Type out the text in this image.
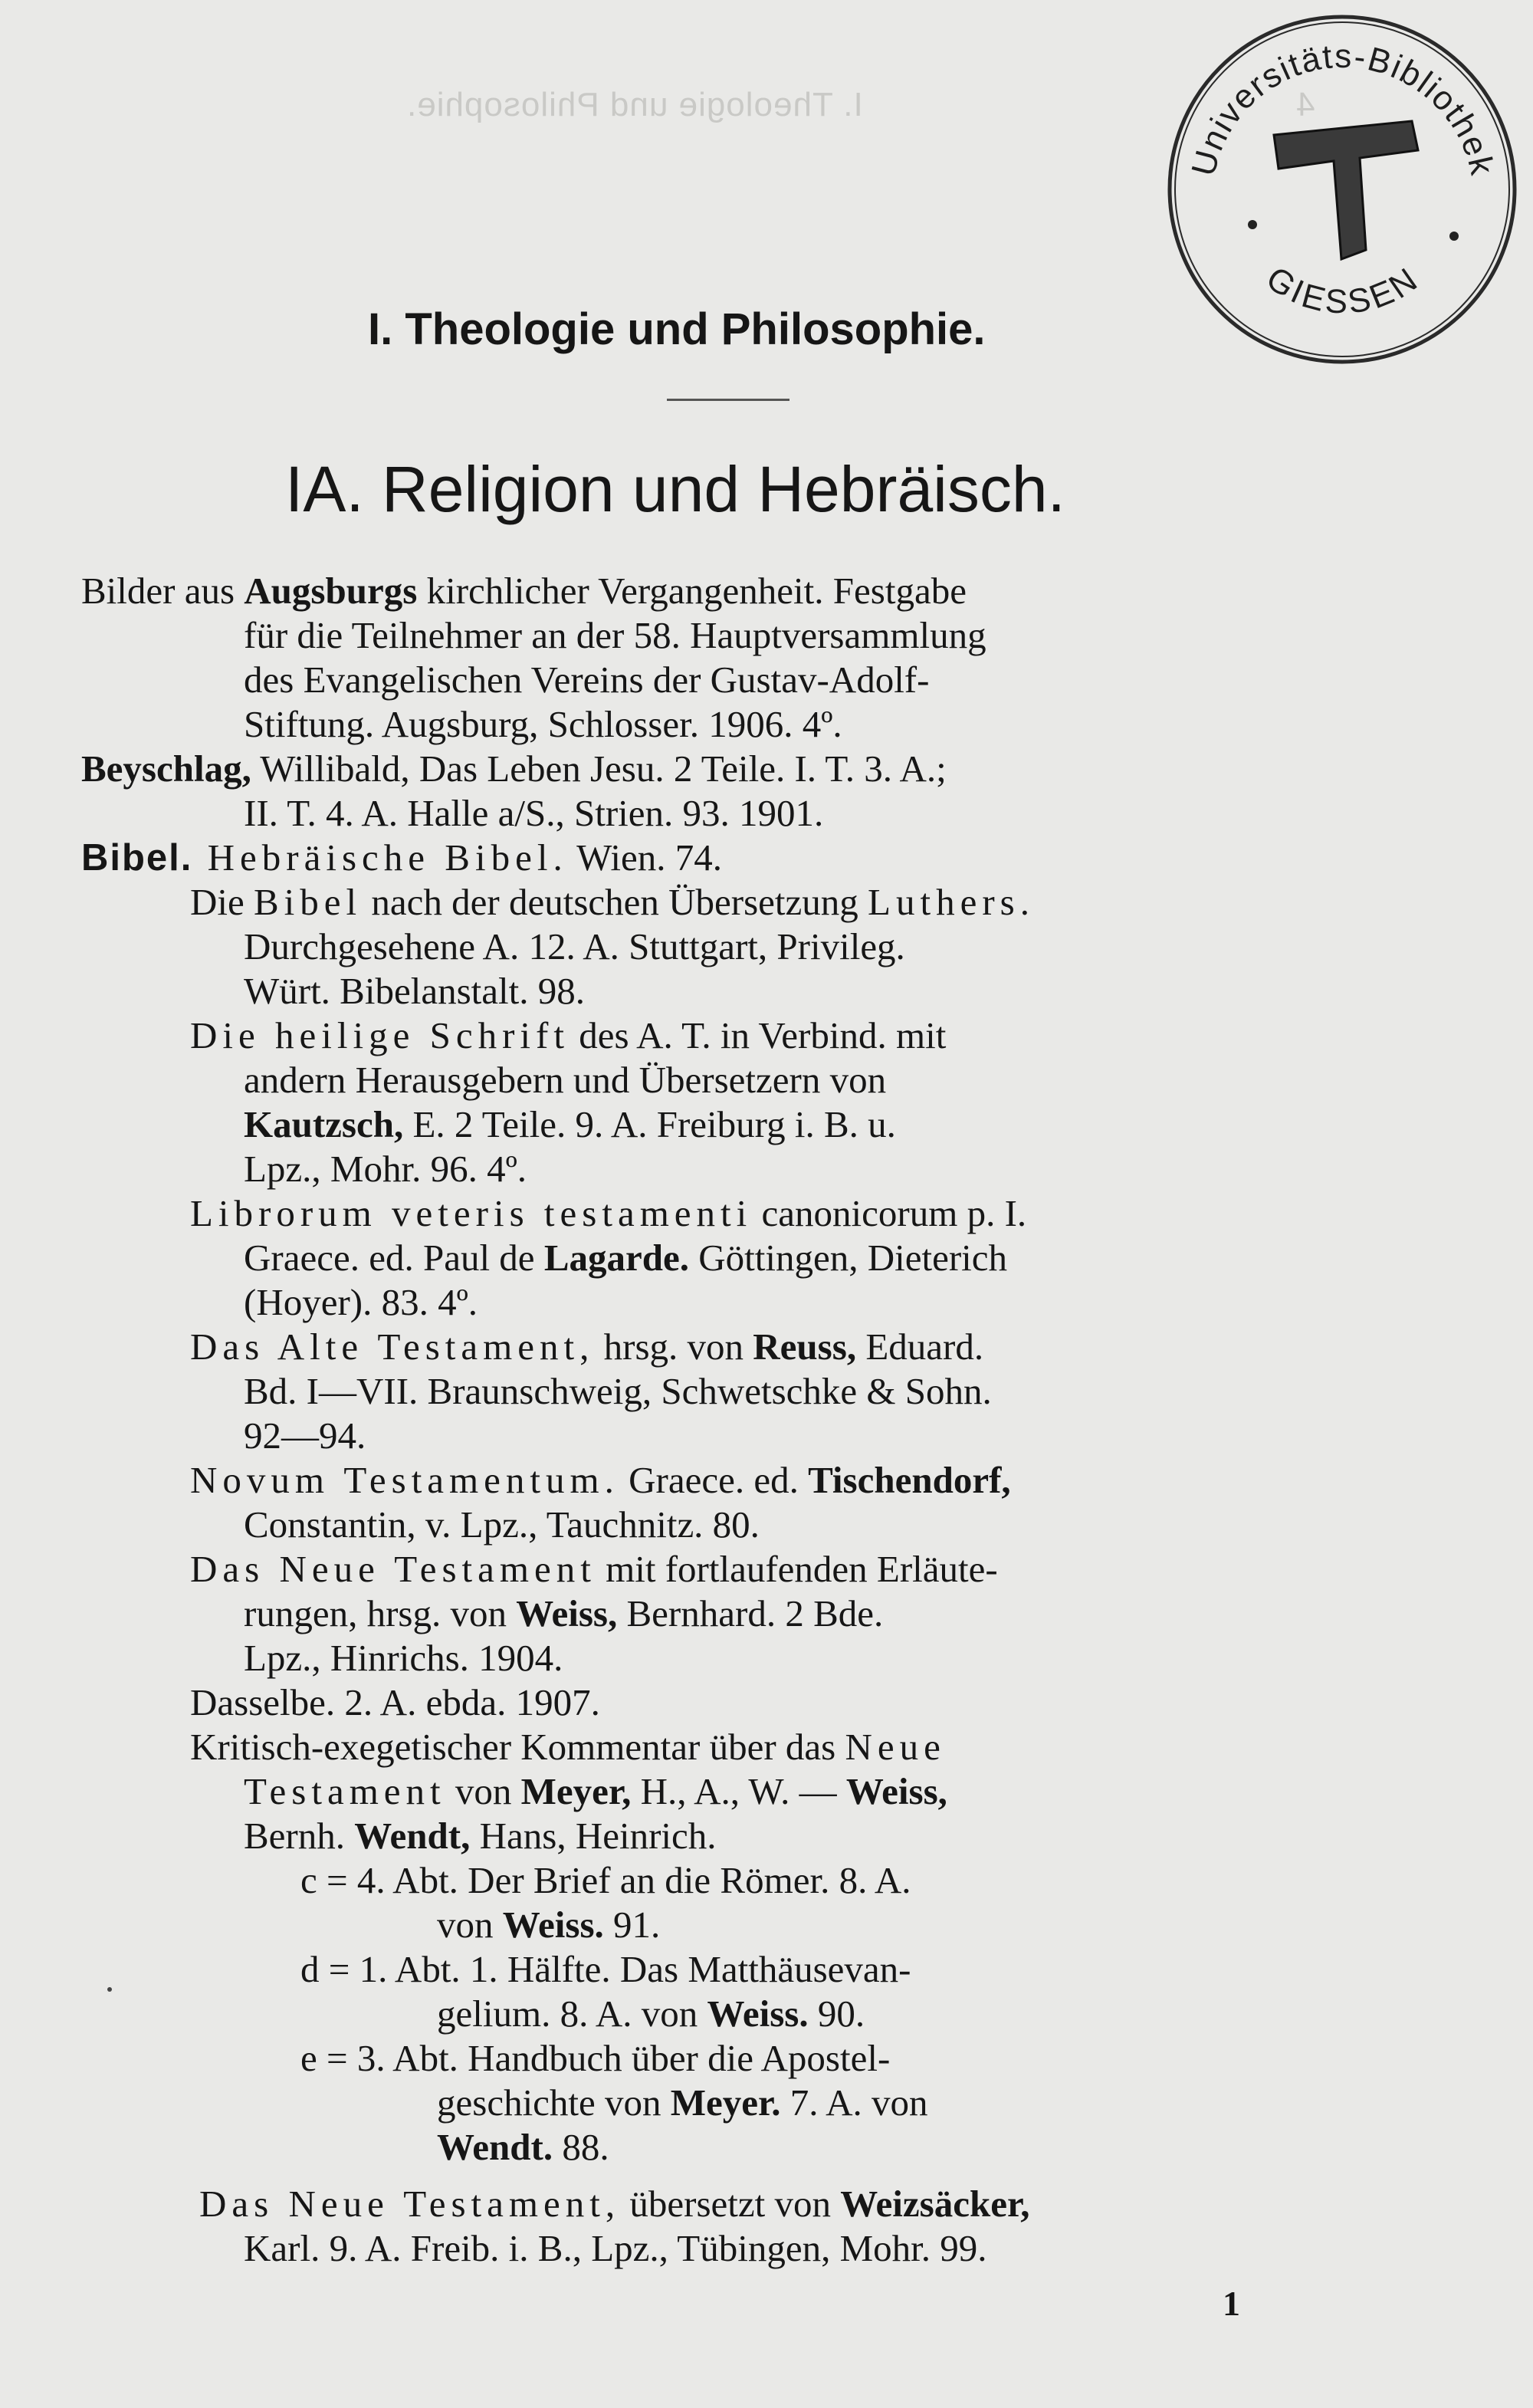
I. Theologie und Philosophie.	4
Universitäts-Bibliothek
GIESSEN
I. Theologie und Philosophie.
IA. Religion und Hebräisch.
Bilder aus Augsburgs kirchlicher Vergangenheit. Festgabe
für die Teilnehmer an der 58. Hauptversammlung
des Evangelischen Vereins der Gustav-Adolf-
Stiftung. Augsburg, Schlosser. 1906. 4º.
Beyschlag, Willibald, Das Leben Jesu. 2 Teile. I. T. 3. A.;
II. T. 4. A. Halle a/S., Strien. 93. 1901.
Bibel. Hebräische Bibel. Wien. 74.
Die Bibel nach der deutschen Übersetzung Luthers.
Durchgesehene A. 12. A. Stuttgart, Privileg.
Würt. Bibelanstalt. 98.
Die heilige Schrift des A. T. in Verbind. mit
andern Herausgebern und Übersetzern von
Kautzsch, E. 2 Teile. 9. A. Freiburg i. B. u.
Lpz., Mohr. 96. 4º.
Librorum veteris testamenti canonicorum p. I.
Graece. ed. Paul de Lagarde. Göttingen, Dieterich
(Hoyer). 83. 4º.
Das Alte Testament, hrsg. von Reuss, Eduard.
Bd. I—VII. Braunschweig, Schwetschke & Sohn.
92—94.
Novum Testamentum. Graece. ed. Tischendorf,
Constantin, v. Lpz., Tauchnitz. 80.
Das Neue Testament mit fortlaufenden Erläute-
rungen, hrsg. von Weiss, Bernhard. 2 Bde.
Lpz., Hinrichs. 1904.
Dasselbe. 2. A. ebda. 1907.
Kritisch-exegetischer Kommentar über das Neue
Testament von Meyer, H., A., W. — Weiss,
Bernh. Wendt, Hans, Heinrich.
c = 4. Abt. Der Brief an die Römer. 8. A.
von Weiss. 91.
d = 1. Abt. 1. Hälfte. Das Matthäusevan-
gelium. 8. A. von Weiss. 90.
e = 3. Abt. Handbuch über die Apostel-
geschichte von Meyer. 7. A. von
Wendt. 88.
Das Neue Testament, übersetzt von Weizsäcker,
Karl. 9. A. Freib. i. B., Lpz., Tübingen, Mohr. 99.
1
